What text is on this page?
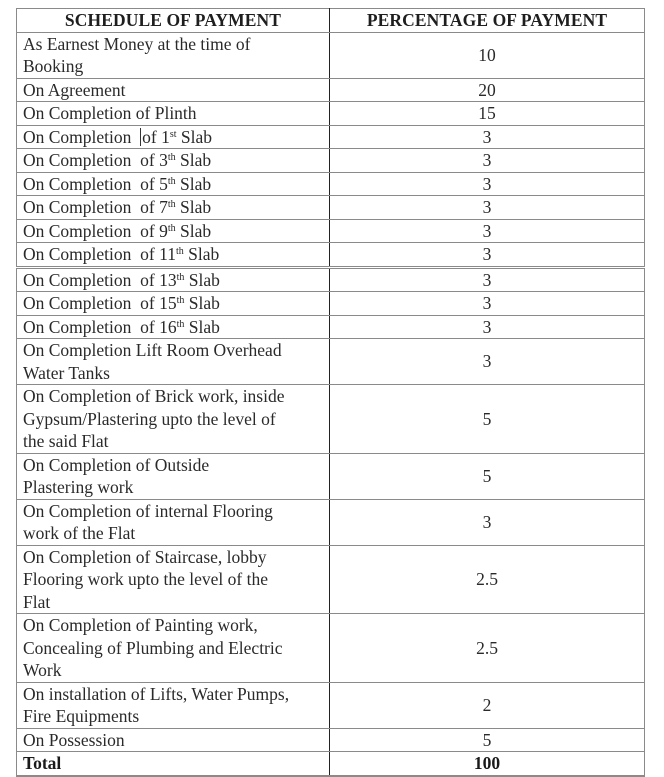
SCHEDULE OF PAYMENT	PERCENTAGE OF PAYMENT
As Earnest Money at the time of
Booking	10
On Agreement	20
On Completion of Plinth	15
On Completion  of 1st Slab	3
On Completion  of 3th Slab	3
On Completion  of 5th Slab	3
On Completion  of 7th Slab	3
On Completion  of 9th Slab	3
On Completion  of 11th Slab	3
On Completion  of 13th Slab	3
On Completion  of 15th Slab	3
On Completion  of 16th Slab	3
On Completion Lift Room Overhead
Water Tanks	3
On Completion of Brick work, inside
Gypsum/Plastering upto the level of
the said Flat	5
On Completion of Outside
Plastering work	5
On Completion of internal Flooring
work of the Flat	3
On Completion of Staircase, lobby
Flooring work upto the level of the
Flat	2.5
On Completion of Painting work,
Concealing of Plumbing and Electric
Work	2.5
On installation of Lifts, Water Pumps,
Fire Equipments	2
On Possession	5
Total	100
